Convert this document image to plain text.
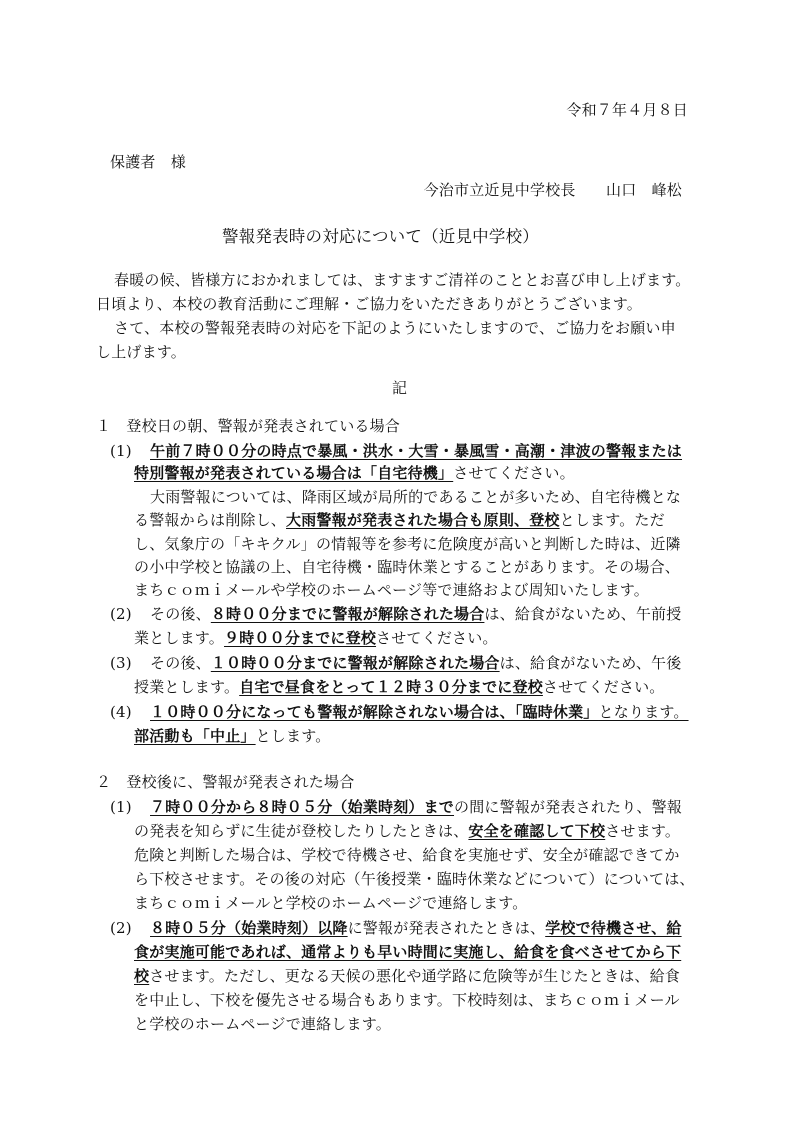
令和７年４月８日
保護者　様
今治市立近見中学校長　　山口　峰松
警報発表時の対応について（近見中学校）
春暖の候、皆様方におかれましては、ますますご清祥のこととお喜び申し上げます。
日頃より、本校の教育活動にご理解・ご協力をいただきありがとうございます。
さて、本校の警報発表時の対応を下記のようにいたしますので、ご協力をお願い申
し上げます。
記
１　登校日の朝、警報が発表されている場合
(1) 午前７時００分の時点で暴風・洪水・大雪・暴風雪・高潮・津波の警報または
特別警報が発表されている場合は「自宅待機」させてください。
大雨警報については、降雨区域が局所的であることが多いため、自宅待機とな
る警報からは削除し、大雨警報が発表された場合も原則、登校とします。ただ
し、気象庁の「キキクル」の情報等を参考に危険度が高いと判断した時は、近隣
の小中学校と協議の上、自宅待機・臨時休業とすることがあります。その場合、
まちｃｏｍｉメールや学校のホームページ等で連絡および周知いたします。
(2) その後、８時００分までに警報が解除された場合は、給食がないため、午前授
業とします。９時００分までに登校させてください。
(3) その後、１０時００分までに警報が解除された場合は、給食がないため、午後
授業とします。自宅で昼食をとって１２時３０分までに登校させてください。
(4) １０時００分になっても警報が解除されない場合は、「臨時休業」となります。
部活動も「中止」とします。
２　登校後に、警報が発表された場合
(1) ７時００分から８時０５分（始業時刻）までの間に警報が発表されたり、警報
の発表を知らずに生徒が登校したりしたときは、安全を確認して下校させます。
危険と判断した場合は、学校で待機させ、給食を実施せず、安全が確認できてか
ら下校させます。その後の対応（午後授業・臨時休業などについて）については、
まちｃｏｍｉメールと学校のホームページで連絡します。
(2) ８時０５分（始業時刻）以降に警報が発表されたときは、学校で待機させ、給
食が実施可能であれば、通常よりも早い時間に実施し、給食を食べさせてから下
校させます。ただし、更なる天候の悪化や通学路に危険等が生じたときは、給食
を中止し、下校を優先させる場合もあります。下校時刻は、まちｃｏｍｉメール
と学校のホームページで連絡します。
